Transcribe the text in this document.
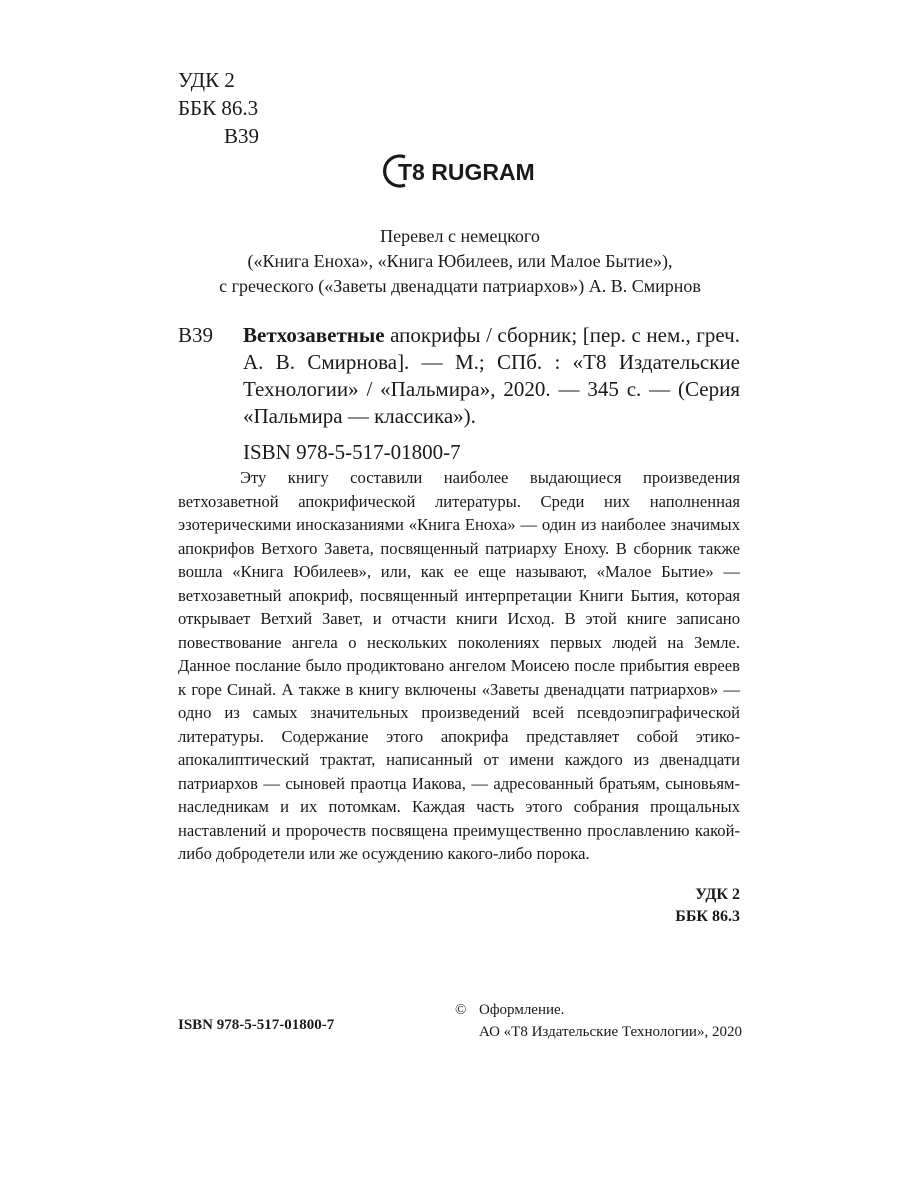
УДК 2
ББК 86.3
В39
T8 RUGRAM
Перевел с немецкого
(«Книга Еноха», «Книга Юбилеев, или Малое Бытие»),
с греческого («Заветы двенадцати патриархов») А. В. Смирнов
В39 Ветхозаветные апокрифы / сборник; [пер. с нем., греч. А. В. Смирнова]. — М.; СПб. : «Т8 Издательские Технологии» / «Пальмира», 2020. — 345 с. — (Серия «Пальмира — классика»).
ISBN 978-5-517-01800-7
Эту книгу составили наиболее выдающиеся произведения ветхозаветной апокрифической литературы. Среди них наполненная эзотерическими иносказаниями «Книга Еноха» — один из наиболее значимых апокрифов Ветхого Завета, посвященный патриарху Еноху. В сборник также вошла «Книга Юбилеев», или, как ее еще называют, «Малое Бытие» — ветхозаветный апокриф, посвященный интерпретации Книги Бытия, которая открывает Ветхий Завет, и отчасти книги Исход. В этой книге записано повествование ангела о нескольких поколениях первых людей на Земле. Данное послание было продиктовано ангелом Моисею после прибытия евреев к горе Синай. А также в книгу включены «Заветы двенадцати патриархов» — одно из самых значительных произведений всей псевдоэпиграфической литературы. Содержание этого апокрифа представляет собой этико-апокалиптический трактат, написанный от имени каждого из двенадцати патриархов — сыновей праотца Иакова, — адресованный братьям, сыновьям-наследникам и их потомкам. Каждая часть этого собрания прощальных наставлений и пророчеств посвящена преимущественно прославлению какой-либо добродетели или же осуждению какого-либо порока.
УДК 2
ББК 86.3
ISBN 978-5-517-01800-7
© Оформление.
АО «Т8 Издательские Технологии», 2020
